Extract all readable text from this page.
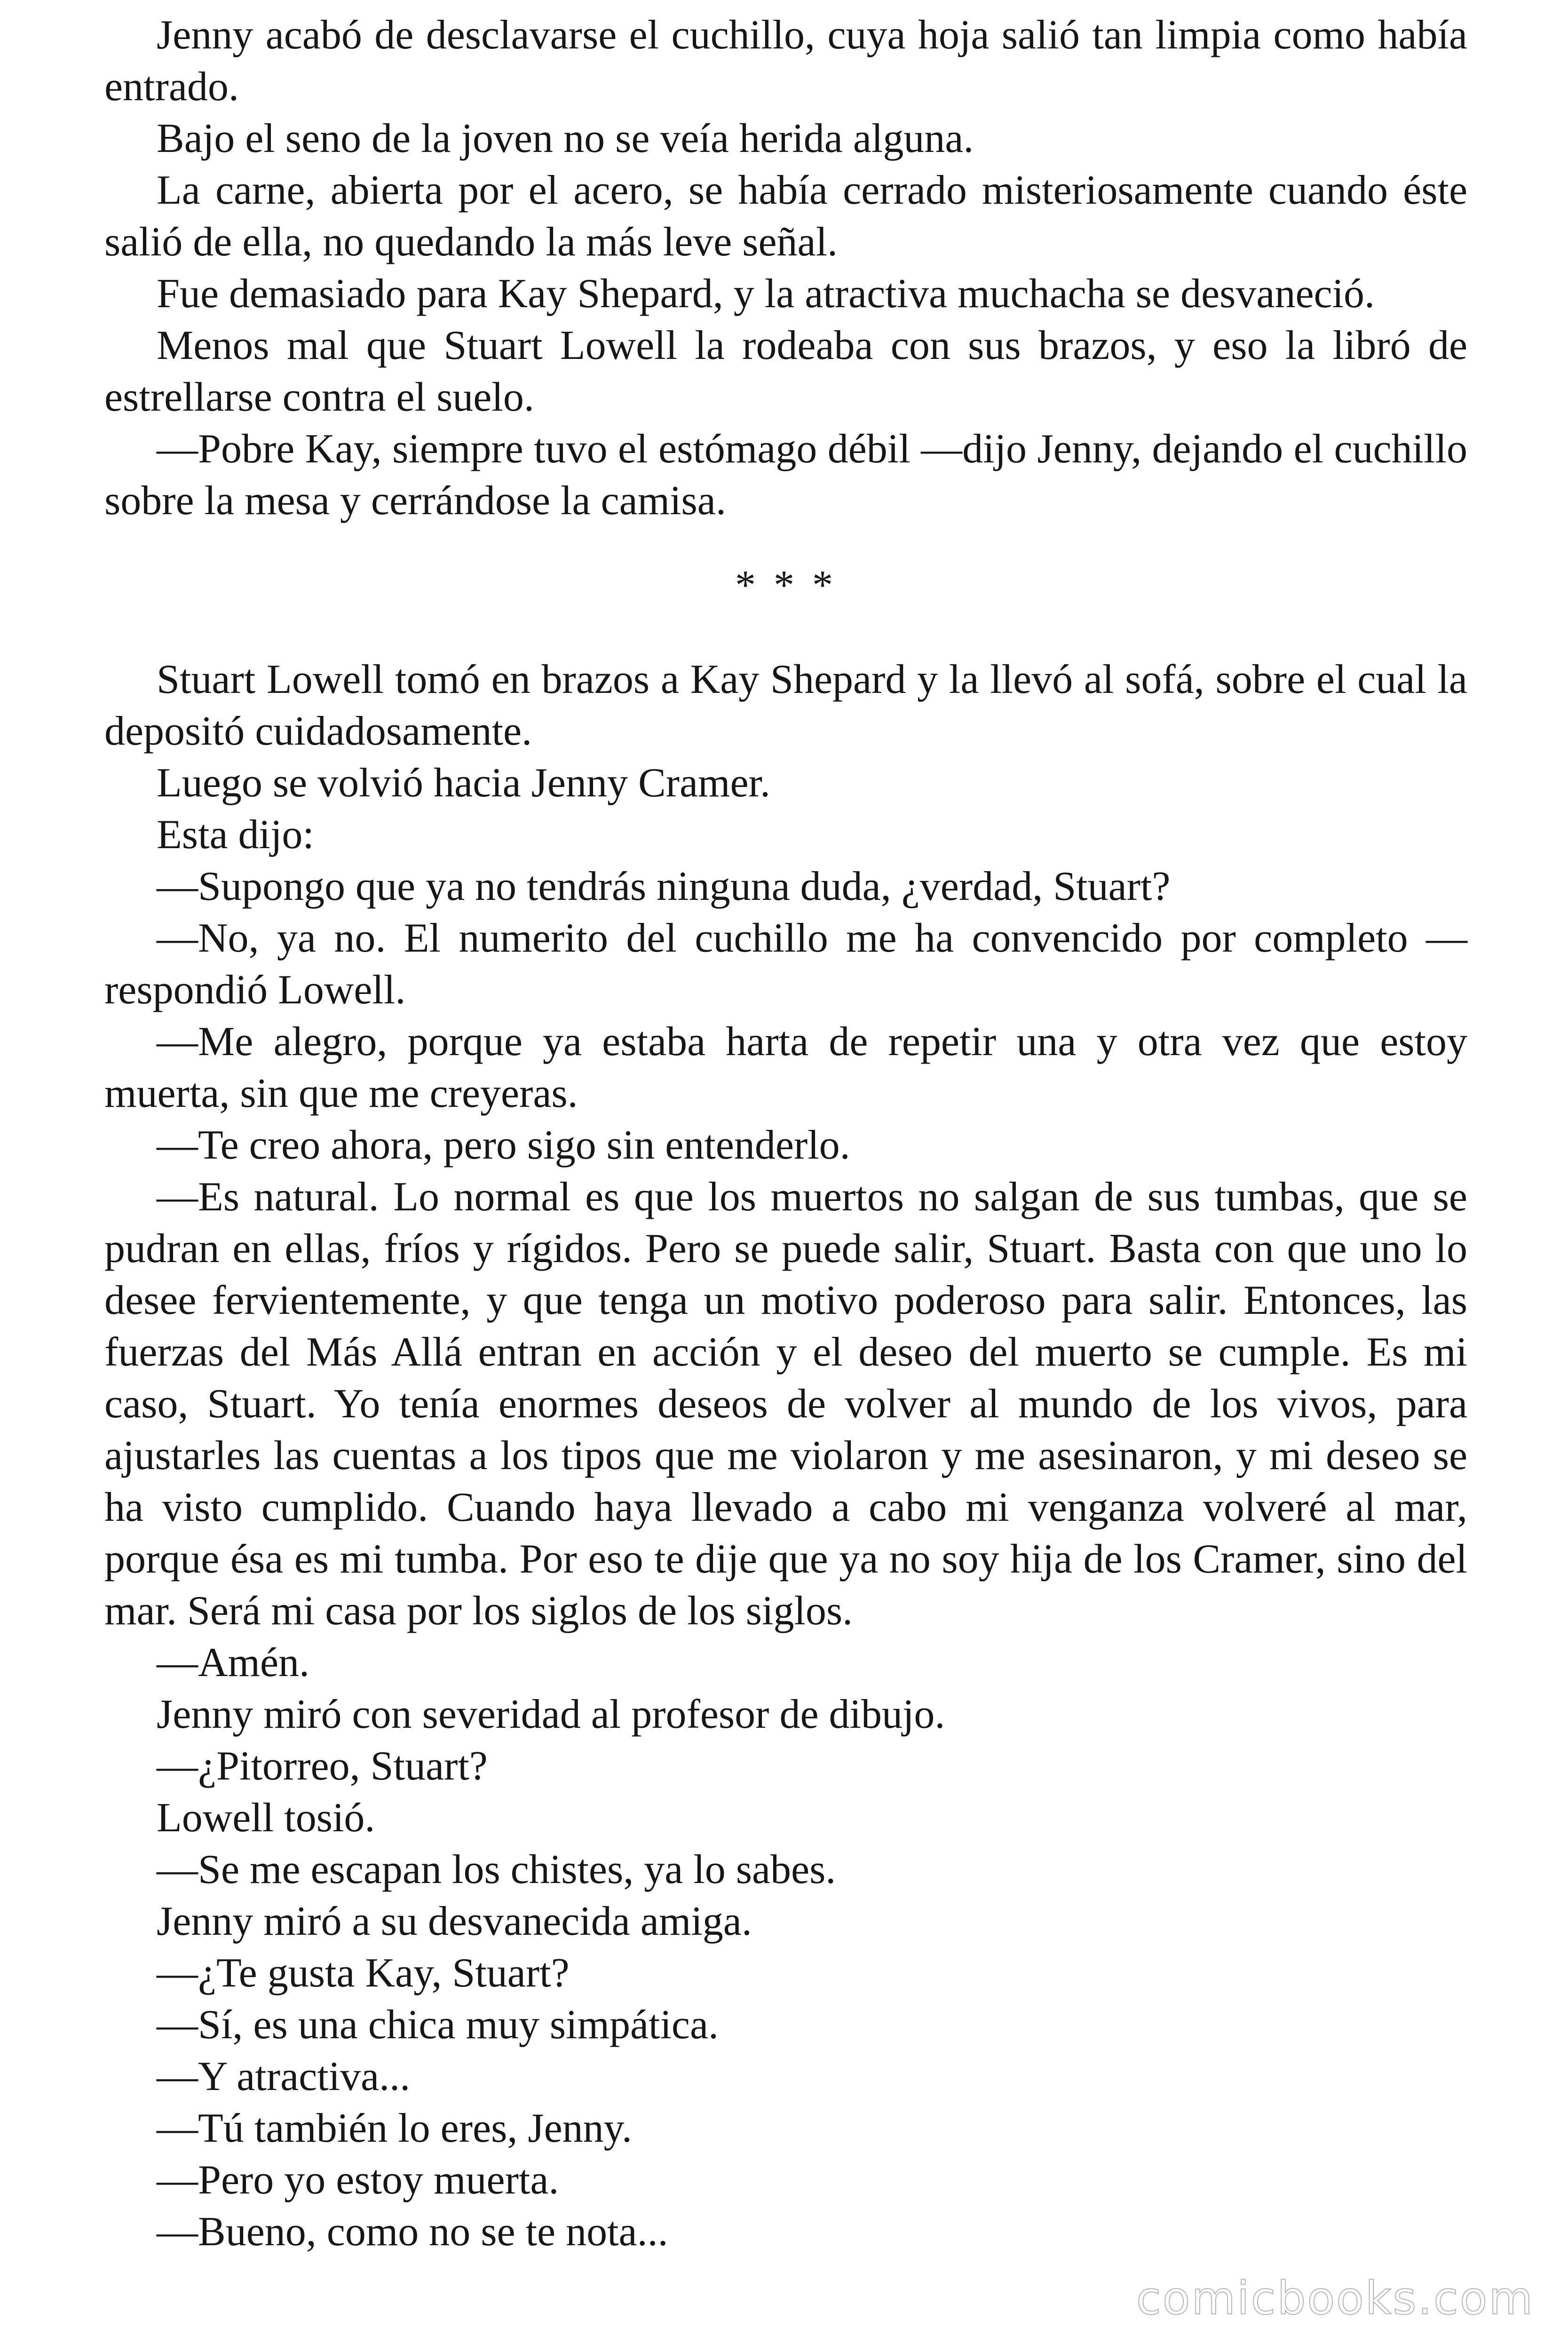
Jenny acabó de desclavarse el cuchillo, cuya hoja salió tan limpia como había entrado.

Bajo el seno de la joven no se veía herida alguna.

La carne, abierta por el acero, se había cerrado misteriosamente cuando éste salió de ella, no quedando la más leve señal.

Fue demasiado para Kay Shepard, y la atractiva muchacha se desvaneció.

Menos mal que Stuart Lowell la rodeaba con sus brazos, y eso la libró de estrellarse contra el suelo.

—Pobre Kay, siempre tuvo el estómago débil —dijo Jenny, dejando el cuchillo sobre la mesa y cerrándose la camisa.

* * *

Stuart Lowell tomó en brazos a Kay Shepard y la llevó al sofá, sobre el cual la depositó cuidadosamente.

Luego se volvió hacia Jenny Cramer.

Esta dijo:

—Supongo que ya no tendrás ninguna duda, ¿verdad, Stuart?

—No, ya no. El numerito del cuchillo me ha convencido por completo — respondió Lowell.

—Me alegro, porque ya estaba harta de repetir una y otra vez que estoy muerta, sin que me creyeras.

—Te creo ahora, pero sigo sin entenderlo.

—Es natural. Lo normal es que los muertos no salgan de sus tumbas, que se pudran en ellas, fríos y rígidos. Pero se puede salir, Stuart. Basta con que uno lo desee fervientemente, y que tenga un motivo poderoso para salir. Entonces, las fuerzas del Más Allá entran en acción y el deseo del muerto se cumple. Es mi caso, Stuart. Yo tenía enormes deseos de volver al mundo de los vivos, para ajustarles las cuentas a los tipos que me violaron y me asesinaron, y mi deseo se ha visto cumplido. Cuando haya llevado a cabo mi venganza volveré al mar, porque ésa es mi tumba. Por eso te dije que ya no soy hija de los Cramer, sino del mar. Será mi casa por los siglos de los siglos.

—Amén.

Jenny miró con severidad al profesor de dibujo.

—¿Pitorreo, Stuart?

Lowell tosió.

—Se me escapan los chistes, ya lo sabes.

Jenny miró a su desvanecida amiga.

—¿Te gusta Kay, Stuart?

—Sí, es una chica muy simpática.

—Y atractiva...

—Tú también lo eres, Jenny.

—Pero yo estoy muerta.

—Bueno, como no se te nota...

comicbooks.com
